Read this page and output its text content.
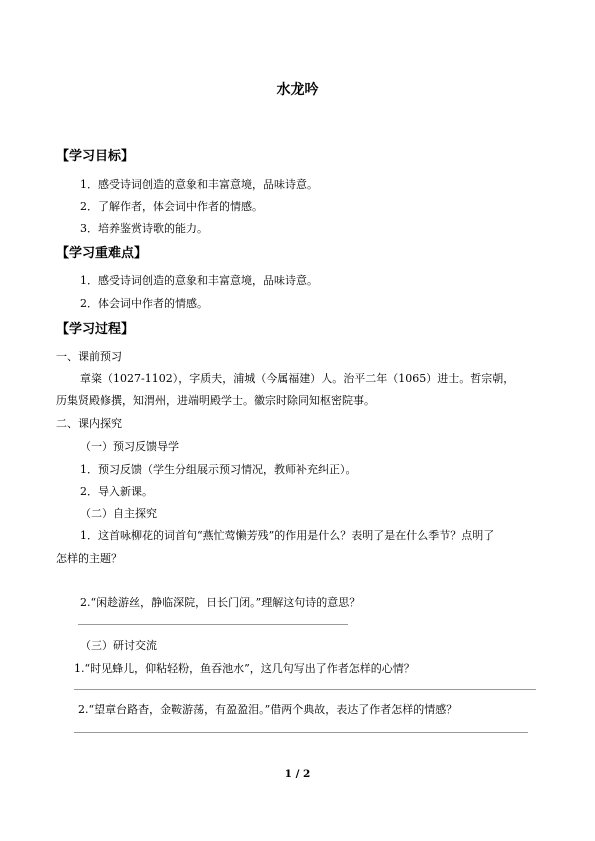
水龙吟
【学习目标】
1．感受诗词创造的意象和丰富意境，品味诗意。
2．了解作者，体会词中作者的情感。
3．培养鉴赏诗歌的能力。
【学习重难点】
1．感受诗词创造的意象和丰富意境，品味诗意。
2．体会词中作者的情感。
【学习过程】
一、课前预习
章粢（1027-1102），字质夫，浦城（今属福建）人。治平二年（1065）进士。哲宗朝，
历集贤殿修撰，知渭州，进端明殿学士。徽宗时除同知枢密院事。
二、课内探究
（一）预习反馈导学
1．预习反馈（学生分组展示预习情况，教师补充纠正）。
2．导入新课。
（二）自主探究
1．这首咏柳花的词首句“燕忙莺懒芳残”的作用是什么？表明了是在什么季节？点明了
怎样的主题？
2.“闲趁游丝，静临深院，日长门闭。”理解这句诗的意思？
（三）研讨交流
1.“时见蜂儿，仰粘轻粉，鱼吞池水”，这几句写出了作者怎样的心情？
2.“望章台路杳，金鞍游荡，有盈盈泪。”借两个典故，表达了作者怎样的情感？
1 / 2
